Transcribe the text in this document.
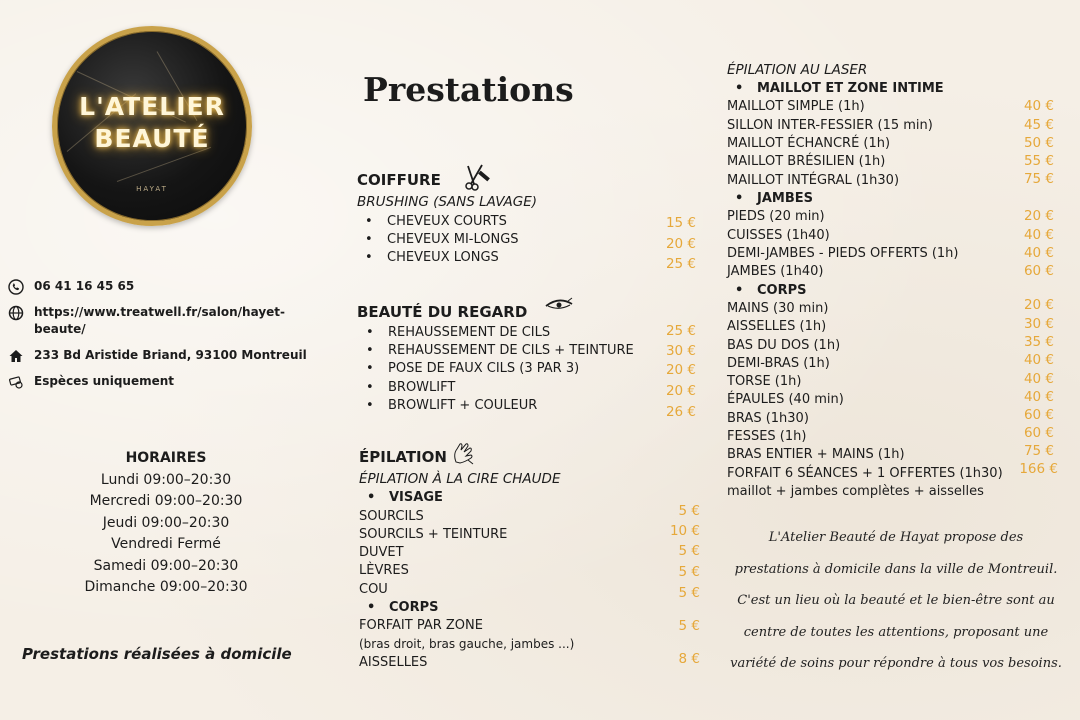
L'ATELIER
BEAUTÉ
HAYAT
06 41 16 45 65
https://www.treatwell.fr/salon/hayet-beaute/
233 Bd Aristide Briand, 93100 Montreuil
Espèces uniquement
HORAIRES
Lundi 09:00–20:30
Mercredi 09:00–20:30
Jeudi 09:00–20:30
Vendredi Fermé
Samedi 09:00–20:30
Dimanche 09:00–20:30
Prestations réalisées à domicile
Prestations
COIFFURE
BRUSHING (SANS LAVAGE)
• CHEVEUX COURTS	15 €
• CHEVEUX MI-LONGS	20 €
• CHEVEUX LONGS	25 €
BEAUTÉ DU REGARD
• REHAUSSEMENT DE CILS	25 €
• REHAUSSEMENT DE CILS + TEINTURE	30 €
• POSE DE FAUX CILS (3 PAR 3)	20 €
• BROWLIFT	20 €
• BROWLIFT + COULEUR	26 €
ÉPILATION
ÉPILATION À LA CIRE CHAUDE
• VISAGE
SOURCILS	5 €
SOURCILS + TEINTURE	10 €
DUVET	5 €
LÈVRES	5 €
COU	5 €
• CORPS
FORFAIT PAR ZONE	5 €
(bras droit, bras gauche, jambes ...)
AISSELLES	8 €
ÉPILATION AU LASER
• MAILLOT ET ZONE INTIME
MAILLOT SIMPLE (1h)	40 €
SILLON INTER-FESSIER (15 min)	45 €
MAILLOT ÉCHANCRÉ (1h)	50 €
MAILLOT BRÉSILIEN (1h)	55 €
MAILLOT INTÉGRAL (1h30)	75 €
• JAMBES
PIEDS (20 min)	20 €
CUISSES (1h40)	40 €
DEMI-JAMBES - PIEDS OFFERTS (1h)	40 €
JAMBES (1h40)	60 €
• CORPS
MAINS (30 min)	20 €
AISSELLES (1h)	30 €
BAS DU DOS (1h)	35 €
DEMI-BRAS (1h)	40 €
TORSE (1h)	40 €
ÉPAULES (40 min)	40 €
BRAS (1h30)	60 €
FESSES (1h)	60 €
BRAS ENTIER + MAINS (1h)	75 €
FORFAIT 6 SÉANCES + 1 OFFERTES (1h30) 166 €
maillot + jambes complètes + aisselles
L'Atelier Beauté de Hayat propose des
prestations à domicile dans la ville de Montreuil.
C'est un lieu où la beauté et le bien-être sont au
centre de toutes les attentions, proposant une
variété de soins pour répondre à tous vos besoins.
